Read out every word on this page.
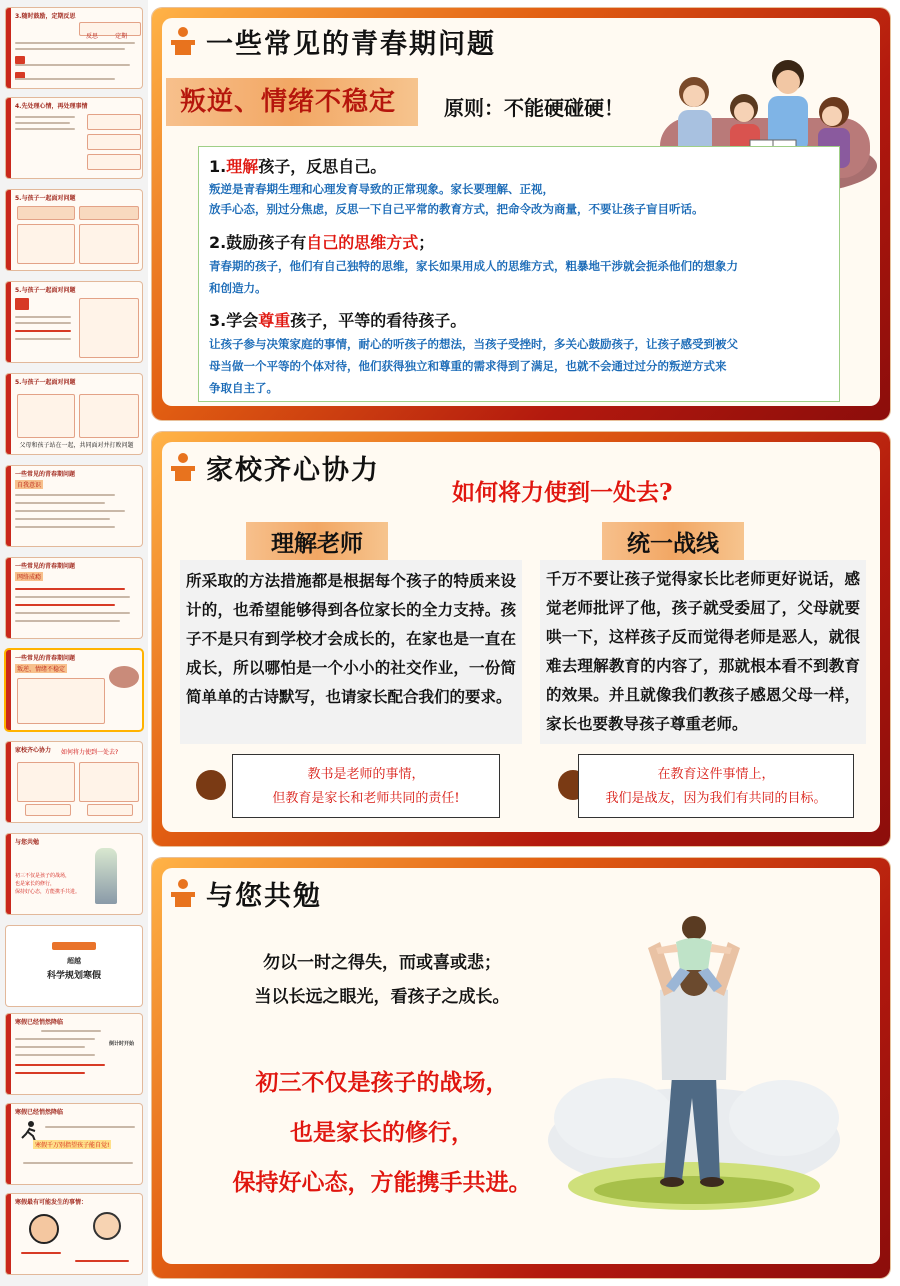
3.随时鼓励，定期反思
反思	定期
4.先处理心情，再处理事情
5.与孩子一起面对问题
5.与孩子一起面对问题
5.与孩子一起面对问题
父母和孩子站在一起，共同面对并打败问题
一些常见的青春期问题
自我意识
一些常见的青春期问题
网络成瘾
一些常见的青春期问题
叛逆、情绪不稳定
家校齐心协力 如何将力使到一处去?
与您共勉
初三不仅是孩子的战场，
也是家长的修行，
保持好心态，方能携手共进。
超越
科学规划寒假
寒假已经悄然降临
倒计时开始
寒假已经悄然降临
寒假千万别指望孩子能自觉!
寒假最有可能发生的事情：
一些常见的青春期问题
叛逆、情绪不稳定	原则：不能硬碰硬！
1.理解孩子，反思自己。
叛逆是青春期生理和心理发育导致的正常现象。家长要理解、正视，
放手心态，别过分焦虑，反思一下自己平常的教育方式，把命令改为商量，不要让孩子盲目听话。
2.鼓励孩子有自己的思维方式；
青春期的孩子，他们有自己独特的思维，家长如果用成人的思维方式，粗暴地干涉就会扼杀他们的想象力
和创造力。
3.学会尊重孩子，平等的看待孩子。
让孩子参与决策家庭的事情，耐心的听孩子的想法，当孩子受挫时，多关心鼓励孩子，让孩子感受到被父
母当做一个平等的个体对待，他们获得独立和尊重的需求得到了满足，也就不会通过过分的叛逆方式来
争取自主了。
家校齐心协力
如何将力使到一处去?
理解老师
所采取的方法措施都是根据每个孩子的特质来设计的，也希望能够得到各位家长的全力支持。孩子不是只有到学校才会成长的，在家也是一直在成长，所以哪怕是一个小小的社交作业，一份简简单单的古诗默写，也请家长配合我们的要求。
教书是老师的事情，
但教育是家长和老师共同的责任!
统一战线
千万不要让孩子觉得家长比老师更好说话，感觉老师批评了他，孩子就受委屈了，父母就要哄一下，这样孩子反而觉得老师是恶人，就很难去理解教育的内容了，那就根本看不到教育的效果。并且就像我们教孩子感恩父母一样，家长也要教导孩子尊重老师。
在教育这件事情上，
我们是战友，因为我们有共同的目标。
与您共勉
勿以一时之得失，而或喜或悲；
当以长远之眼光，看孩子之成长。
初三不仅是孩子的战场，
也是家长的修行，
保持好心态，方能携手共进。
